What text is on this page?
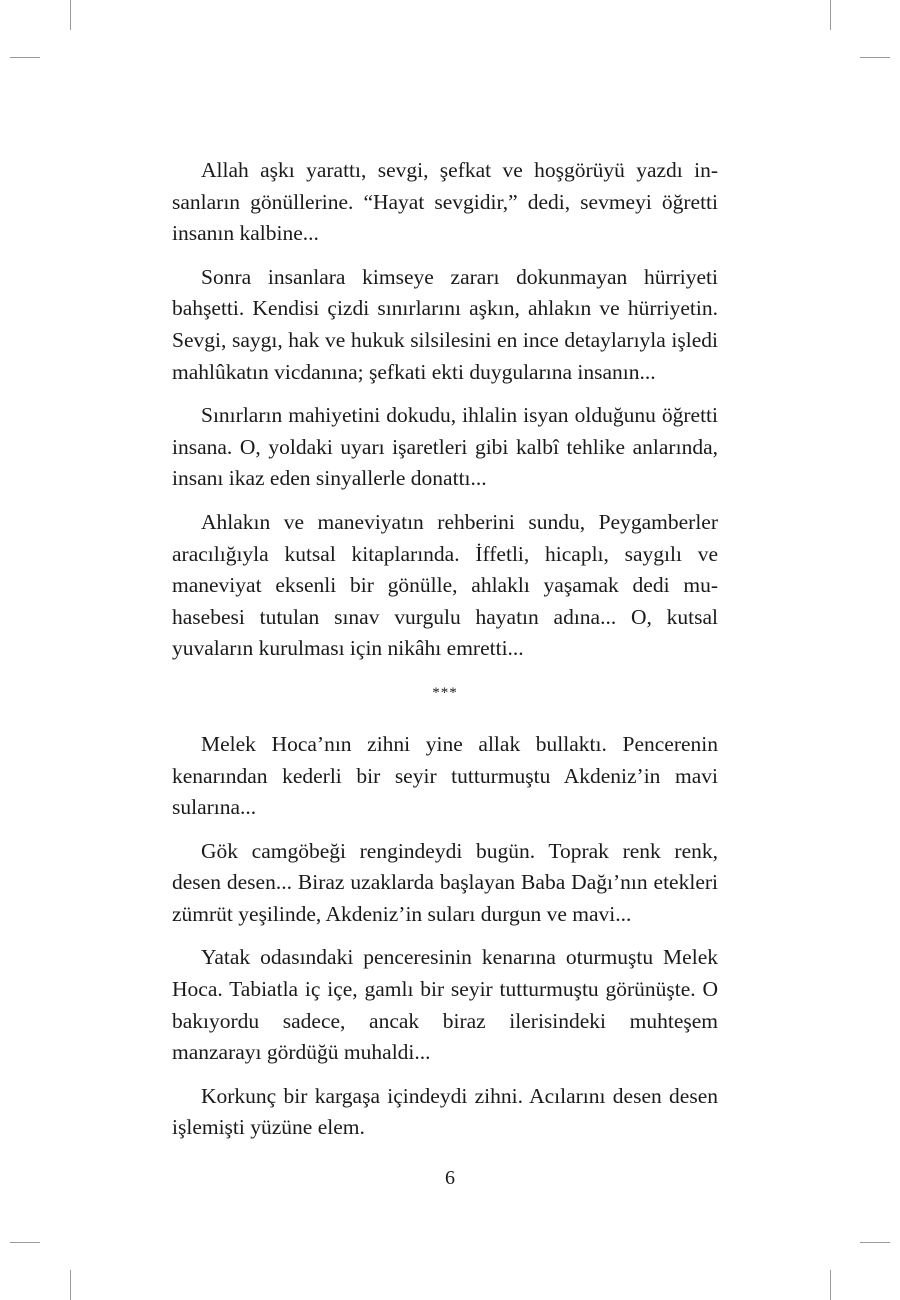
Allah aşkı yarattı, sevgi, şefkat ve hoşgörüyü yazdı insanların gönüllerine. “Hayat sevgidir,” dedi, sevmeyi öğretti insanın kalbine...

Sonra insanlara kimseye zararı dokunmayan hürriyeti bahşetti. Kendisi çizdi sınırlarını aşkın, ahlakın ve hürriyetin. Sevgi, saygı, hak ve hukuk silsilesini en ince detaylarıyla işledi mahlûkatın vicdanına; şefkati ekti duygularına insanın...

Sınırların mahiyetini dokudu, ihlalin isyan olduğunu öğretti insana. O, yoldaki uyarı işaretleri gibi kalbî tehlike anlarında, insanı ikaz eden sinyallerle donattı...

Ahlakın ve maneviyatın rehberini sundu, Peygamberler aracılığıyla kutsal kitaplarında. İffetli, hicaplı, saygılı ve maneviyat eksenli bir gönülle, ahlaklı yaşamak dedi muhasebesi tutulan sınav vurgulu hayatın adına... O, kutsal yuvaların kurulması için nikâhı emretti...

***

Melek Hoca’nın zihni yine allak bullaktı. Pencerenin kenarından kederli bir seyir tutturmuştu Akdeniz’in mavi sularına...

Gök camgöbeği rengindeydi bugün. Toprak renk renk, desen desen... Biraz uzaklarda başlayan Baba Dağı’nın etekleri zümrüt yeşilinde, Akdeniz’in suları durgun ve mavi...

Yatak odasındaki penceresinin kenarına oturmuştu Melek Hoca. Tabiatla iç içe, gamlı bir seyir tutturmuştu görünüşte. O bakıyordu sadece, ancak biraz ilerisindeki muhteşem manzarayı gördüğü muhaldi...

Korkunç bir kargaşa içindeydi zihni. Acılarını desen desen işlemişti yüzüne elem.

6
